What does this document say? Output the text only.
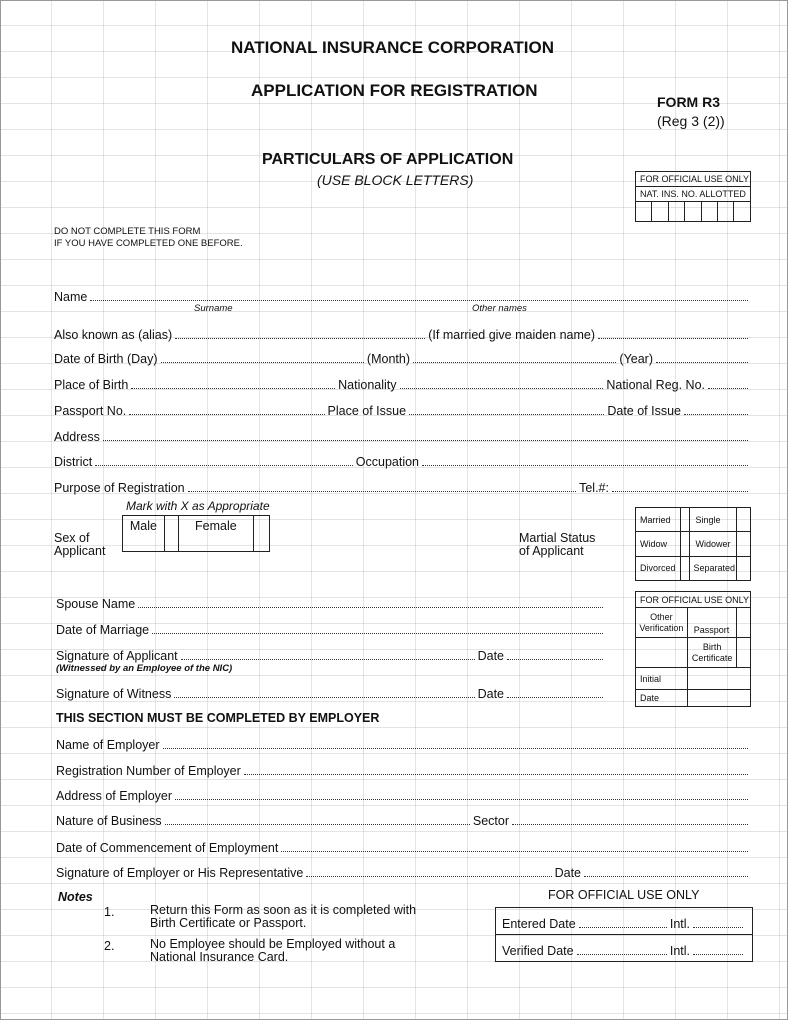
NATIONAL INSURANCE CORPORATION
APPLICATION FOR REGISTRATION
FORM R3
(Reg 3 (2))
PARTICULARS OF APPLICATION
(USE BLOCK LETTERS)
DO NOT COMPLETE THIS FORM
IF YOU HAVE COMPLETED ONE BEFORE.
FOR OFFICIAL USE ONLY
NAT. INS. NO. ALLOTTED

Name
Surname	Other names
Also known as (alias)	(If married give maiden name)
Date of Birth (Day)	(Month)	(Year)
Place of Birth	Nationality	National Reg. No.
Passport No.	Place of Issue	Date of Issue
Address
District	Occupation
Purpose of Registration	Tel.#:
Mark with X as Appropriate
Sex of
Applicant
Male		Female	
Martial Status
of Applicant
Married		Single	
Widow		Widower	
Divorced		Separated	
Spouse Name
Date of Marriage
Signature of Applicant	Date
(Witnessed by an Employee of the NIC)
Signature of Witness	Date
FOR OFFICIAL USE ONLY		

Other
Verification	Passport	

	Birth
Certificate	

Initial		
Date		
THIS SECTION MUST BE COMPLETED BY EMPLOYER
Name of Employer
Registration Number of Employer
Address of Employer
Nature of Business	Sector
Date of Commencement of Employment
Signature of Employer or His Representative	Date
Notes
1.	Return this Form as soon as it is completed with
Birth Certificate or Passport.
2.	No Employee should be Employed without a
National Insurance Card.
FOR OFFICIAL USE ONLY
Entered Date	Intl.
Verified Date	Intl.
